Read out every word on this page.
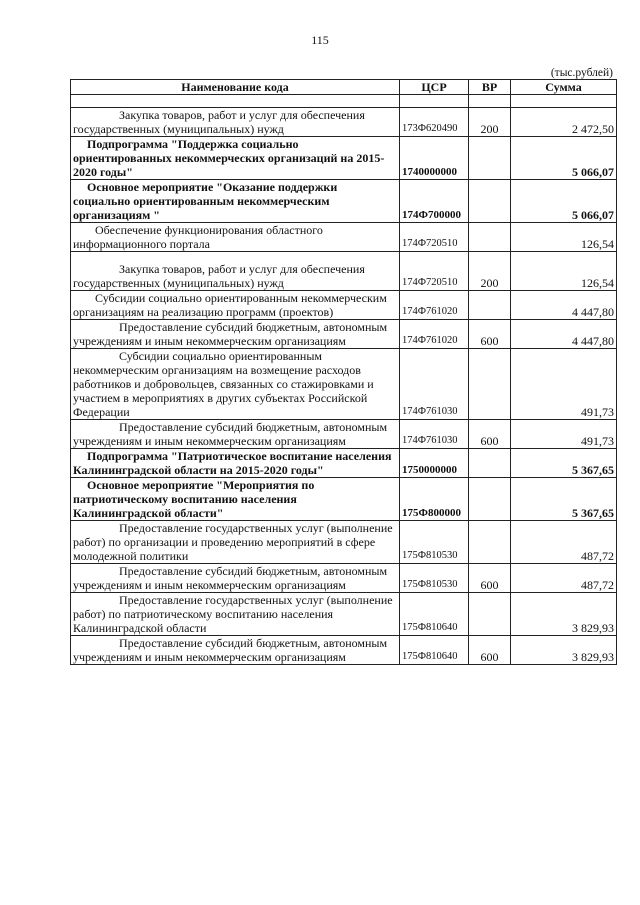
115
(тыс.рублей)
Наименование кода	ЦСР	ВР	Сумма

Закупка товаров, работ и услуг для обеспечения государственных (муниципальных) нужд	173Ф620490	200	2 472,50
Подпрограмма "Поддержка социально ориентированных некоммерческих организаций на 2015-2020 годы"	1740000000		5 066,07
Основное мероприятие "Оказание поддержки социально ориентированным некоммерческим организациям "	174Ф700000		5 066,07
Обеспечение функционирования областного информационного портала	174Ф720510		126,54
Закупка товаров, работ и услуг для обеспечения государственных (муниципальных) нужд	174Ф720510	200	126,54
Субсидии социально ориентированным некоммерческим организациям на реализацию программ (проектов)	174Ф761020		4 447,80
Предоставление субсидий бюджетным, автономным учреждениям и иным некоммерческим организациям	174Ф761020	600	4 447,80
Субсидии социально ориентированным некоммерческим организациям на возмещение расходов работников и добровольцев, связанных со стажировками и участием в мероприятиях в других субъектах Российской Федерации	174Ф761030		491,73
Предоставление субсидий бюджетным, автономным учреждениям и иным некоммерческим организациям	174Ф761030	600	491,73
Подпрограмма "Патриотическое воспитание населения Калининградской области на 2015-2020 годы"	1750000000		5 367,65
Основное мероприятие "Мероприятия по патриотическому воспитанию населения Калининградской области"	175Ф800000		5 367,65
Предоставление государственных услуг (выполнение работ) по организации и проведению мероприятий в сфере молодежной политики	175Ф810530		487,72
Предоставление субсидий бюджетным, автономным учреждениям и иным некоммерческим организациям	175Ф810530	600	487,72
Предоставление государственных услуг (выполнение работ) по патриотическому воспитанию населения Калининградской области	175Ф810640		3 829,93
Предоставление субсидий бюджетным, автономным учреждениям и иным некоммерческим организациям	175Ф810640	600	3 829,93
